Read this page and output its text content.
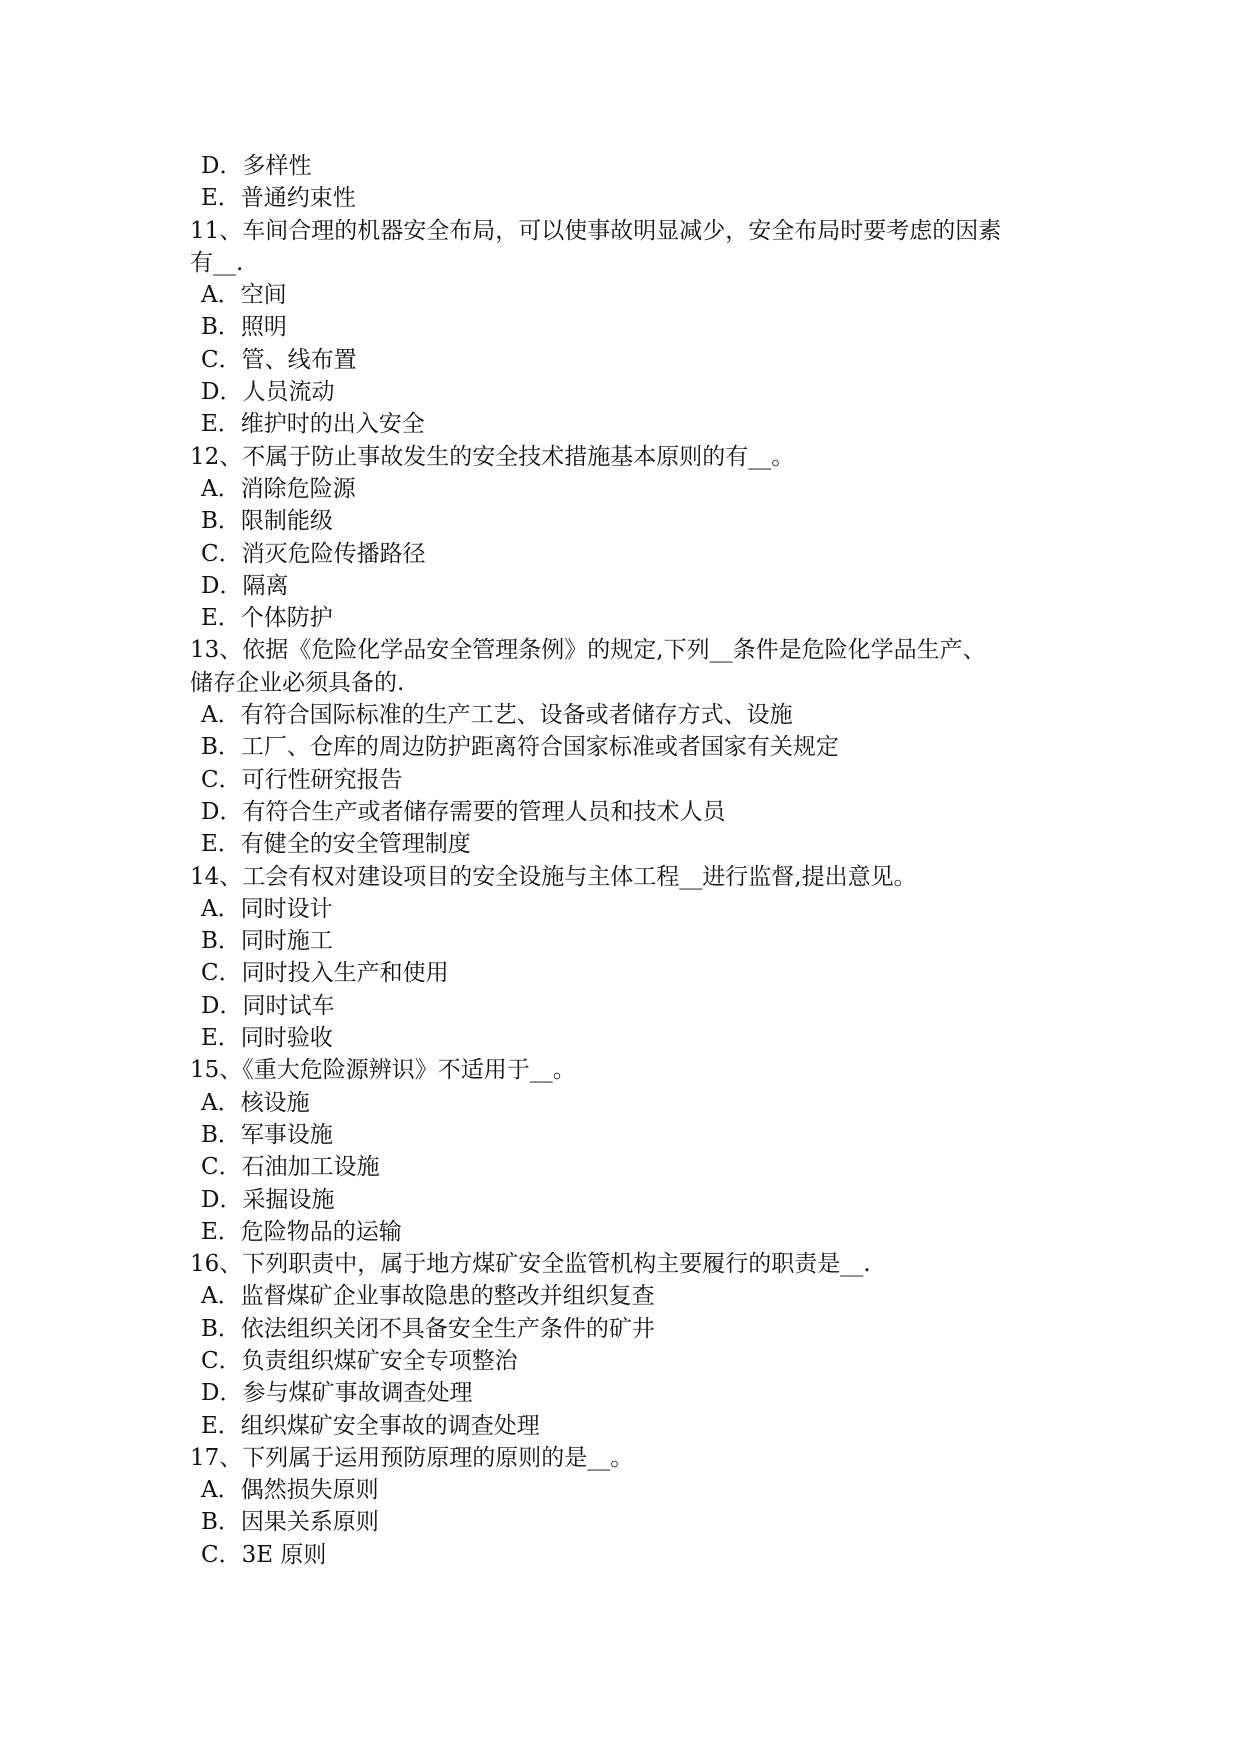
D．多样性
E．普通约束性
11、车间合理的机器安全布局，可以使事故明显减少，安全布局时要考虑的因素
有__.
A．空间
B．照明
C．管、线布置
D．人员流动
E．维护时的出入安全
12、不属于防止事故发生的安全技术措施基本原则的有__。
A．消除危险源
B．限制能级
C．消灭危险传播路径
D．隔离
E．个体防护
13、依据《危险化学品安全管理条例》的规定,下列__条件是危险化学品生产、
储存企业必须具备的.
A．有符合国际标准的生产工艺、设备或者储存方式、设施
B．工厂、仓库的周边防护距离符合国家标准或者国家有关规定
C．可行性研究报告
D．有符合生产或者储存需要的管理人员和技术人员
E．有健全的安全管理制度
14、工会有权对建设项目的安全设施与主体工程__进行监督,提出意见。
A．同时设计
B．同时施工
C．同时投入生产和使用
D．同时试车
E．同时验收
15、《重大危险源辨识》不适用于__。
A．核设施
B．军事设施
C．石油加工设施
D．采掘设施
E．危险物品的运输
16、下列职责中，属于地方煤矿安全监管机构主要履行的职责是__.
A．监督煤矿企业事故隐患的整改并组织复查
B．依法组织关闭不具备安全生产条件的矿井
C．负责组织煤矿安全专项整治
D．参与煤矿事故调查处理
E．组织煤矿安全事故的调查处理
17、下列属于运用预防原理的原则的是__。
A．偶然损失原则
B．因果关系原则
C．3E 原则
